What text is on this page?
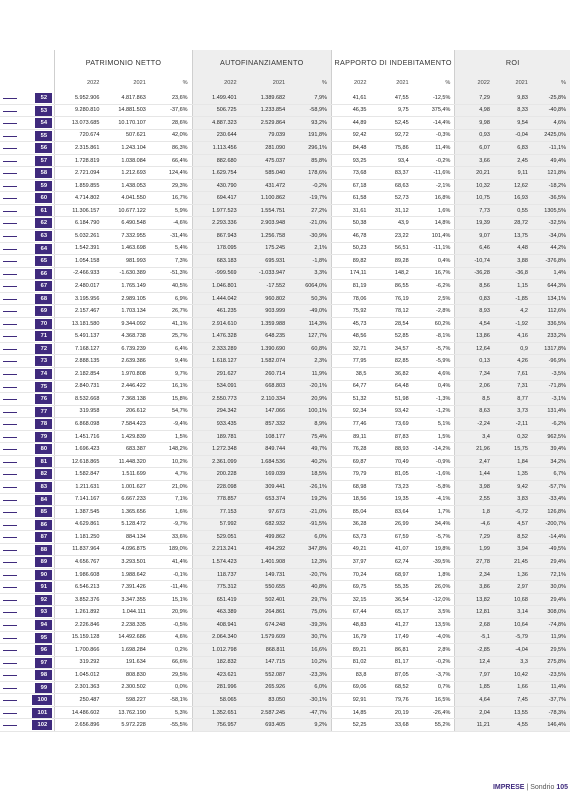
	PATRIMONIO NETTO			AUTOFINANZIAMENTO			RAPPORTO DI INDEBITAMENTO			ROI		
	2022	2021	%	2022	2021	%	2022	2021	%	2022	2021	%

52	5.952.906	4.817.863	23,6%	1.499.401	1.389.682	7,9%	41,61	47,55	-12,5%	7,29	9,83	-25,8%

53	9.280.810	14.881.503	-37,6%	506.725	1.233.854	-58,9%	46,35	9,75	375,4%	4,98	8,33	-40,8%

54	13.073.685	10.170.107	28,6%	4.887.323	2.529.864	93,2%	44,89	52,45	-14,4%	9,98	9,54	4,6%

55	720.674	507.621	42,0%	230.644	79.039	191,8%	92,42	92,72	-0,3%	0,93	-0,04	2425,0%

56	2.315.861	1.243.104	86,3%	1.113.456	281.090	296,1%	84,48	75,86	11,4%	6,07	6,83	-11,1%

57	1.728.819	1.038.084	66,4%	882.680	475.037	85,8%	93,25	93,4	-0,2%	3,66	2,45	49,4%

58	2.721.094	1.212.693	124,4%	1.629.754	585.040	178,6%	73,68	83,37	-11,6%	20,21	9,11	121,8%

59	1.859.855	1.438.053	29,3%	430.790	431.472	-0,2%	67,18	68,63	-2,1%	10,32	12,62	-18,2%

60	4.714.802	4.041.550	16,7%	694.417	1.100.862	-19,7%	61,58	52,73	16,8%	10,75	16,93	-36,5%

61	11.306.157	10.677.122	5,9%	1.977.523	1.554.751	27,2%	31,61	31,12	1,6%	7,73	0,55	1305,5%

62	6.184.790	6.490.548	-4,6%	2.293.336	2.903.948	-21,0%	50,38	43,9	14,8%	19,39	28,72	-32,5%

63	5.032.261	7.332.955	-31,4%	867.943	1.256.758	-30,9%	46,78	23,22	101,4%	9,07	13,75	-34,0%

64	1.542.391	1.463.698	5,4%	178.095	175.245	2,1%	50,23	56,51	-11,1%	6,46	4,48	44,2%

65	1.054.158	981.993	7,3%	683.183	695.931	-1,8%	89,82	89,28	0,4%	-10,74	3,88	-376,8%

66	-2.466.933	-1.630.389	-51,3%	-999.569	-1.033.947	3,3%	174,11	148,2	16,7%	-36,28	-36,8	1,4%

67	2.480.017	1.765.149	40,5%	1.046.801	-17.552	6064,0%	81,19	86,55	-6,2%	8,56	1,15	644,3%

68	3.195.956	2.989.105	6,9%	1.444.042	960.802	50,3%	78,06	76,19	2,5%	0,83	-1,85	134,1%

69	2.157.467	1.703.134	26,7%	461.235	903.999	-49,0%	75,92	78,12	-2,8%	8,93	4,2	112,6%

70	13.181.580	9.344.092	41,1%	2.914.610	1.359.988	114,3%	45,73	28,54	60,2%	4,54	-1,92	336,5%

71	5.491.137	4.368.738	25,7%	1.476.328	648.235	127,7%	48,56	52,85	-8,1%	13,86	4,16	233,2%

72	7.168.127	6.739.239	6,4%	2.333.289	1.390.690	60,8%	32,71	34,57	-5,7%	12,64	0,9	1317,8%

73	2.888.135	2.639.386	9,4%	1.618.127	1.582.074	2,3%	77,95	82,85	-5,9%	0,13	4,26	-96,9%

74	2.182.854	1.970.808	9,7%	291.627	260.714	11,9%	38,5	36,82	4,6%	7,34	7,61	-3,5%

75	2.840.731	2.446.422	16,1%	534.091	668.803	-20,1%	64,77	64,48	0,4%	2,06	7,31	-71,8%

76	8.532.668	7.368.138	15,8%	2.550.773	2.110.334	20,9%	51,32	51,98	-1,3%	8,5	8,77	-3,1%

77	319.958	206.612	54,7%	294.342	147.066	100,1%	92,34	93,42	-1,2%	8,63	3,73	131,4%

78	6.868.098	7.584.423	-9,4%	933.435	857.332	8,9%	77,46	73,69	5,1%	-2,24	-2,11	-6,2%

79	1.451.716	1.429.839	1,5%	189.781	108.177	75,4%	89,11	87,83	1,5%	3,4	0,32	962,5%

80	1.696.423	683.387	148,2%	1.272.348	849.744	49,7%	76,28	88,93	-14,2%	21,96	15,75	39,4%

81	12.618.865	11.448.320	10,2%	2.361.099	1.684.536	40,2%	69,87	70,49	-0,9%	2,47	1,84	34,2%

82	1.582.847	1.511.699	4,7%	200.228	169.039	18,5%	79,79	81,05	-1,6%	1,44	1,35	6,7%

83	1.211.631	1.001.627	21,0%	228.098	309.441	-26,1%	68,98	73,23	-5,8%	3,98	9,42	-57,7%

84	7.141.167	6.667.233	7,1%	778.857	653.374	19,2%	18,56	19,35	-4,1%	2,55	3,83	-33,4%

85	1.387.545	1.365.656	1,6%	77.153	97.673	-21,0%	85,04	83,64	1,7%	1,8	-6,72	126,8%

86	4.629.861	5.128.472	-9,7%	57.992	682.932	-91,5%	36,28	26,99	34,4%	-4,6	4,57	-200,7%

87	1.181.250	884.134	33,6%	529.051	499.862	6,0%	63,73	67,59	-5,7%	7,29	8,52	-14,4%

88	11.837.964	4.096.875	189,0%	2.213.241	494.292	347,8%	49,21	41,07	19,8%	1,99	3,94	-49,5%

89	4.656.767	3.293.501	41,4%	1.574.423	1.401.908	12,3%	37,97	62,74	-39,5%	27,78	21,45	29,4%

90	1.986.608	1.988.642	-0,1%	118.737	149.731	-20,7%	70,24	68,97	1,8%	2,34	1,36	72,1%

91	6.546.213	7.391.426	-11,4%	775.312	550.655	40,8%	69,75	55,35	26,0%	3,86	2,97	30,0%

92	3.852.376	3.347.355	15,1%	651.419	502.401	29,7%	32,15	36,54	-12,0%	13,82	10,68	29,4%

93	1.261.892	1.044.111	20,9%	463.389	264.861	75,0%	67,44	65,17	3,5%	12,81	3,14	308,0%

94	2.226.846	2.238.335	-0,5%	408.941	674.248	-39,3%	48,83	41,27	13,5%	2,68	10,64	-74,8%

95	15.159.128	14.492.686	4,6%	2.064.340	1.579.609	30,7%	16,79	17,49	-4,0%	-5,1	-5,79	11,9%

96	1.700.866	1.698.284	0,2%	1.012.798	868.811	16,6%	89,21	86,81	2,8%	-2,85	-4,04	29,5%

97	319.292	191.634	66,6%	182.832	147.715	10,2%	81,02	81,17	-0,2%	12,4	3,3	275,8%

98	1.045.012	808.830	29,5%	423.621	552.087	-23,3%	83,8	87,05	-3,7%	7,97	10,42	-23,5%

99	2.301.363	2.300.502	0,0%	281.996	265.926	6,0%	69,06	68,52	0,7%	1,85	1,66	11,4%

100	250.487	598.227	-58,1%	58.065	83.050	-30,1%	92,91	79,76	16,5%	4,64	7,45	-37,7%

101	14.486.602	13.762.190	5,3%	1.352.651	2.587.245	-47,7%	14,85	20,19	-26,4%	2,04	13,55	-78,3%

102	2.656.896	5.972.228	-55,5%	756.957	693.405	9,2%	52,25	33,68	55,2%	11,21	4,55	146,4%
IMPRESE | Sondrio 105
